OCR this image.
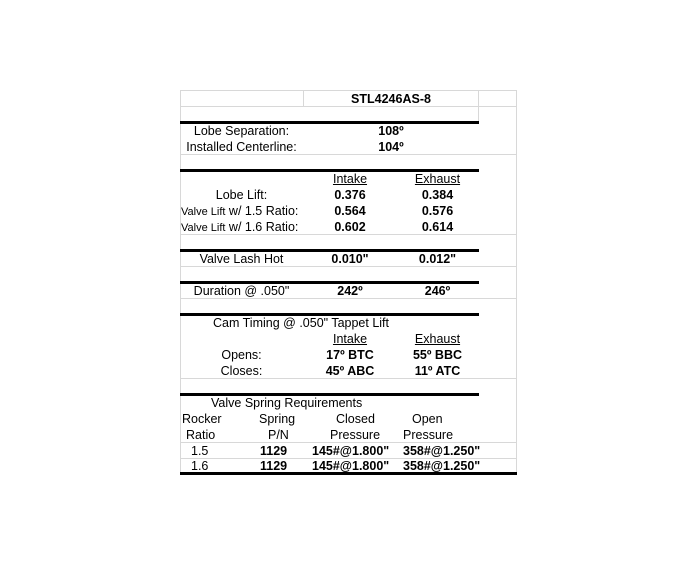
STL4246AS-8
Lobe Separation:	108º
Installed Centerline:	104º
Intake	Exhaust
Lobe Lift:	0.376	0.384
Valve Lift w/ 1.5 Ratio:	0.564	0.576
Valve Lift w/ 1.6 Ratio:	0.602	0.614
Valve Lash Hot	0.010"	0.012"
Duration @ .050"	242º	246º
Cam Timing @ .050" Tappet Lift
Intake	Exhaust
Opens:	17º BTC	55º BBC
Closes:	45º ABC	11º ATC
Valve Spring Requirements
Rocker	Spring	Closed	Open
Ratio	P/N	Pressure	Pressure
1.5	1129	145#@1.800"	358#@1.250"
1.6	1129	145#@1.800"	358#@1.250"
